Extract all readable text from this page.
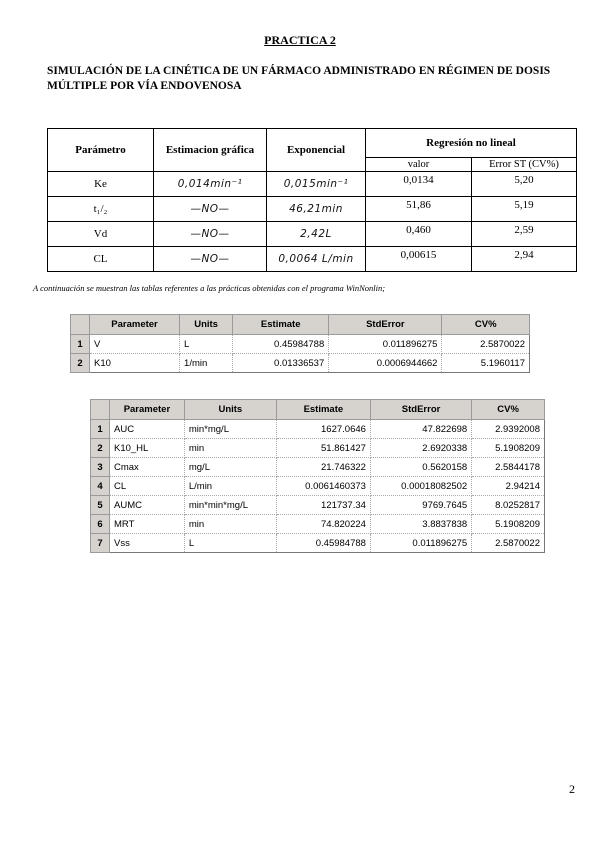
PRACTICA 2
SIMULACIÓN DE LA CINÉTICA DE UN FÁRMACO ADMINISTRADO EN RÉGIMEN DE DOSIS MÚLTIPLE POR VÍA ENDOVENOSA
Parámetro	Estimacion gráfica	Exponencial	Regresión no lineal	
			valor	Error ST (CV%)
Ke	0,014min⁻¹	0,015min⁻¹	0,0134	5,20
t₁/₂	—NO—	46,21min	51,86	5,19
Vd	—NO—	2,42L	0,460	2,59
CL	—NO—	0,0064 L/min	0,00615	2,94
A continuación se muestran las tablas referentes a las prácticas obtenidas con el programa WinNonlin;
	Parameter	Units	Estimate	StdError	CV%
1	V	L	0.45984788	0.011896275	2.5870022
2	K10	1/min	0.01336537	0.0006944662	5.1960117
	Parameter	Units	Estimate	StdError	CV%
1	AUC	min*mg/L	1627.0646	47.822698	2.9392008
2	K10_HL	min	51.861427	2.6920338	5.1908209
3	Cmax	mg/L	21.746322	0.5620158	2.5844178
4	CL	L/min	0.0061460373	0.00018082502	2.94214
5	AUMC	min*min*mg/L	121737.34	9769.7645	8.0252817
6	MRT	min	74.820224	3.8837838	5.1908209
7	Vss	L	0.45984788	0.011896275	2.5870022
2
